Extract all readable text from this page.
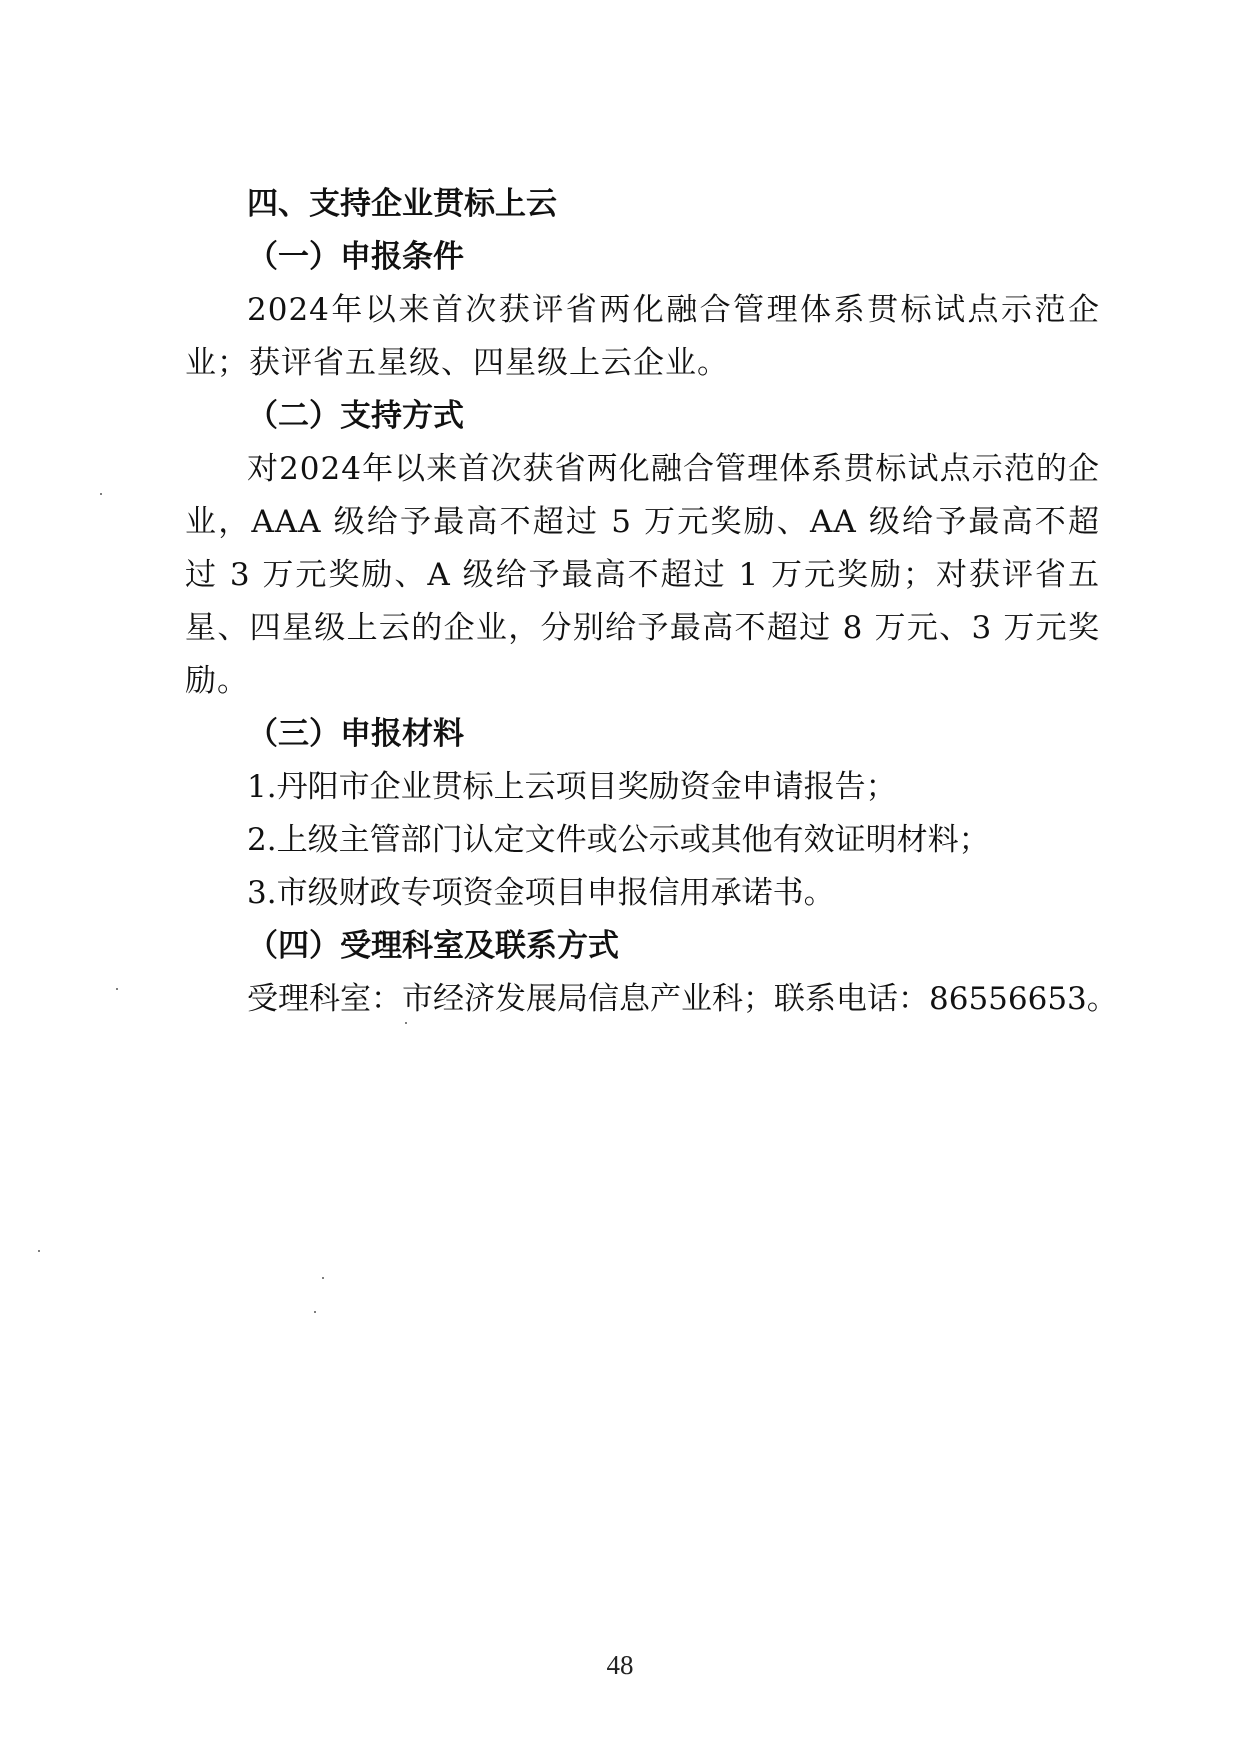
四、支持企业贯标上云

（一）申报条件

2024年以来首次获评省两化融合管理体系贯标试点示范企业；获评省五星级、四星级上云企业。

（二）支持方式

对2024年以来首次获省两化融合管理体系贯标试点示范的企业，AAA 级给予最高不超过 5 万元奖励、AA 级给予最高不超过 3 万元奖励、A 级给予最高不超过 1 万元奖励；对获评省五星、四星级上云的企业，分别给予最高不超过 8 万元、3 万元奖励。

（三）申报材料

1.丹阳市企业贯标上云项目奖励资金申请报告；

2.上级主管部门认定文件或公示或其他有效证明材料；

3.市级财政专项资金项目申报信用承诺书。

（四）受理科室及联系方式

受理科室：市经济发展局信息产业科；联系电话：86556653。

48
